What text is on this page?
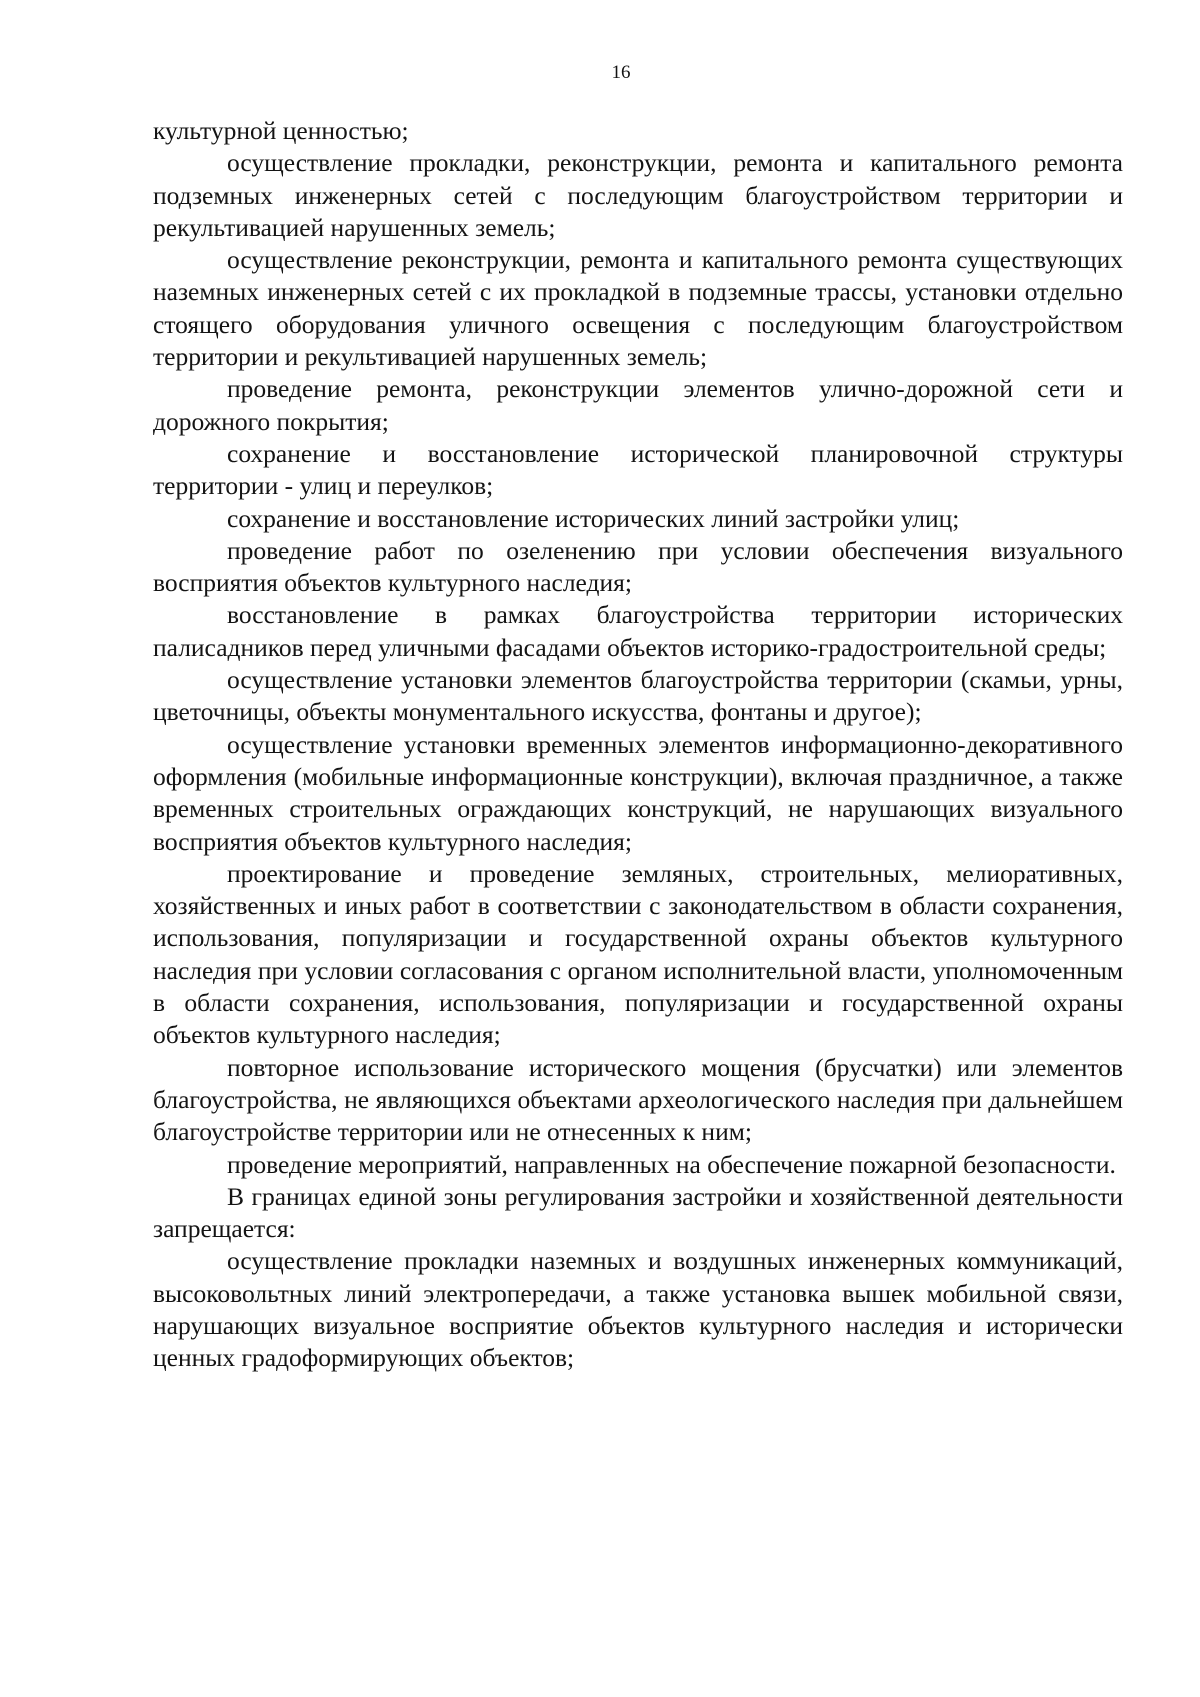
16

культурной ценностью;

осуществление прокладки, реконструкции, ремонта и капитального ремонта подземных инженерных сетей с последующим благоустройством территории и рекультивацией нарушенных земель;

осуществление реконструкции, ремонта и капитального ремонта существующих наземных инженерных сетей с их прокладкой в подземные трассы, установки отдельно стоящего оборудования уличного освещения с последующим благоустройством территории и рекультивацией нарушенных земель;

проведение ремонта, реконструкции элементов улично-дорожной сети и дорожного покрытия;

сохранение и восстановление исторической планировочной структуры территории - улиц и переулков;

сохранение и восстановление исторических линий застройки улиц;

проведение работ по озеленению при условии обеспечения визуального восприятия объектов культурного наследия;

восстановление в рамках благоустройства территории исторических палисадников перед уличными фасадами объектов историко-градостроительной среды;

осуществление установки элементов благоустройства территории (скамьи, урны, цветочницы, объекты монументального искусства, фонтаны и другое);

осуществление установки временных элементов информационно-декоративного оформления (мобильные информационные конструкции), включая праздничное, а также временных строительных ограждающих конструкций, не нарушающих визуального восприятия объектов культурного наследия;

проектирование и проведение земляных, строительных, мелиоративных, хозяйственных и иных работ в соответствии с законодательством в области сохранения, использования, популяризации и государственной охраны объектов культурного наследия при условии согласования с органом исполнительной власти, уполномоченным в области сохранения, использования, популяризации и государственной охраны объектов культурного наследия;

повторное использование исторического мощения (брусчатки) или элементов благоустройства, не являющихся объектами археологического наследия при дальнейшем благоустройстве территории или не отнесенных к ним;

проведение мероприятий, направленных на обеспечение пожарной безопасности.

В границах единой зоны регулирования застройки и хозяйственной деятельности запрещается:

осуществление прокладки наземных и воздушных инженерных коммуникаций, высоковольтных линий электропередачи, а также установка вышек мобильной связи, нарушающих визуальное восприятие объектов культурного наследия и исторически ценных градоформирующих объектов;
